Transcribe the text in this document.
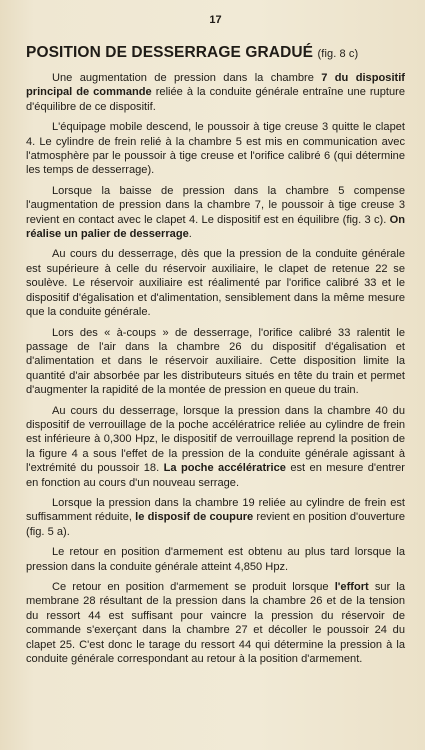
17
POSITION DE DESSERRAGE GRADUÉ (fig. 8 c)

Une augmentation de pression dans la chambre 7 du dispositif principal de commande reliée à la conduite générale entraîne une rupture d'équilibre de ce dispositif.

L'équipage mobile descend, le poussoir à tige creuse 3 quitte le clapet 4. Le cylindre de frein relié à la chambre 5 est mis en communication avec l'atmosphère par le poussoir à tige creuse et l'orifice calibré 6 (qui détermine les temps de desserrage).

Lorsque la baisse de pression dans la chambre 5 compense l'augmentation de pression dans la chambre 7, le poussoir à tige creuse 3 revient en contact avec le clapet 4. Le dispositif est en équilibre (fig. 3 c). On réalise un palier de desserrage.

Au cours du desserrage, dès que la pression de la conduite générale est supérieure à celle du réservoir auxiliaire, le clapet de retenue 22 se soulève. Le réservoir auxiliaire est réalimenté par l'orifice calibré 33 et le dispositif d'égalisation et d'alimentation, sensiblement dans la même mesure que la conduite générale.

Lors des « à-coups » de desserrage, l'orifice calibré 33 ralentit le passage de l'air dans la chambre 26 du dispositif d'égalisation et d'alimentation et dans le réservoir auxiliaire. Cette disposition limite la quantité d'air absorbée par les distributeurs situés en tête du train et permet d'augmenter la rapidité de la montée de pression en queue du train.

Au cours du desserrage, lorsque la pression dans la chambre 40 du dispositif de verrouillage de la poche accélératrice reliée au cylindre de frein est inférieure à 0,300 Hpz, le dispositif de verrouillage reprend la position de la figure 4 a sous l'effet de la pression de la conduite générale agissant à l'extrémité du poussoir 18. La poche accélératrice est en mesure d'entrer en fonction au cours d'un nouveau serrage.

Lorsque la pression dans la chambre 19 reliée au cylindre de frein est suffisamment réduite, le disposif de coupure revient en position d'ouverture (fig. 5 a).

Le retour en position d'armement est obtenu au plus tard lorsque la pression dans la conduite générale atteint 4,850 Hpz.

Ce retour en position d'armement se produit lorsque l'effort sur la membrane 28 résultant de la pression dans la chambre 26 et de la tension du ressort 44 est suffisant pour vaincre la pression du réservoir de commande s'exerçant dans la chambre 27 et décoller le poussoir 24 du clapet 25. C'est donc le tarage du ressort 44 qui détermine la pression à la conduite générale correspondant au retour à la position d'armement.
